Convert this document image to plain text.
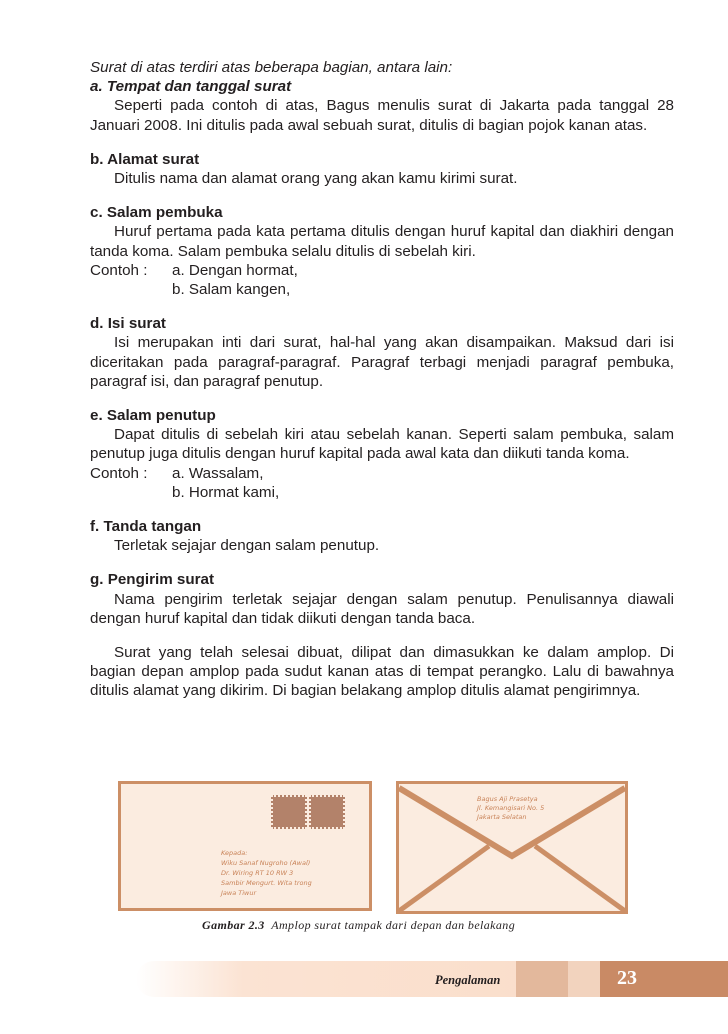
Surat di atas terdiri atas beberapa bagian, antara lain:

a. Tempat dan tanggal surat

Seperti pada contoh di atas, Bagus menulis surat di Jakarta pada tanggal 28 Januari 2008. Ini ditulis pada awal sebuah surat, ditulis di bagian pojok kanan atas.

b. Alamat surat

Ditulis nama dan alamat orang yang akan kamu kirimi surat.

c. Salam pembuka

Huruf pertama pada kata pertama ditulis dengan huruf kapital dan diakhiri dengan tanda koma. Salam pembuka selalu ditulis di sebelah kiri.

Contoh :	a. Dengan hormat,
b. Salam kangen,

d. Isi surat

Isi merupakan inti dari surat, hal-hal yang akan disampaikan. Maksud dari isi diceritakan pada paragraf-paragraf. Paragraf terbagi menjadi paragraf pembuka, paragraf isi, dan paragraf penutup.

e. Salam penutup

Dapat ditulis di sebelah kiri atau sebelah kanan. Seperti salam pembuka, salam penutup juga ditulis dengan huruf kapital pada awal kata dan diikuti tanda koma.

Contoh :	a. Wassalam,
b. Hormat kami,

f. Tanda tangan

Terletak sejajar dengan salam penutup.

g. Pengirim surat

Nama pengirim terletak sejajar dengan salam penutup. Penulisannya diawali dengan huruf kapital dan tidak diikuti dengan tanda baca.

Surat yang telah selesai dibuat, dilipat dan dimasukkan ke dalam amplop. Di bagian depan amplop pada sudut kanan atas di tempat perangko. Lalu di bawahnya ditulis alamat yang dikirim. Di bagian belakang amplop ditulis alamat pengirimnya.

Kepada:
Wiku Sanaf Nugroho (Awal)
Dr. Wiring RT 10 RW 3
Sambir Mengurt. Wita trong
Jawa Tiwur
INDONESIA
Bagus Aji Prasetya
Jl. Kemangisari No. 5
Jakarta Selatan
Gambar 2.3 Amplop surat tampak dari depan dan belakang
Pengalaman	23
